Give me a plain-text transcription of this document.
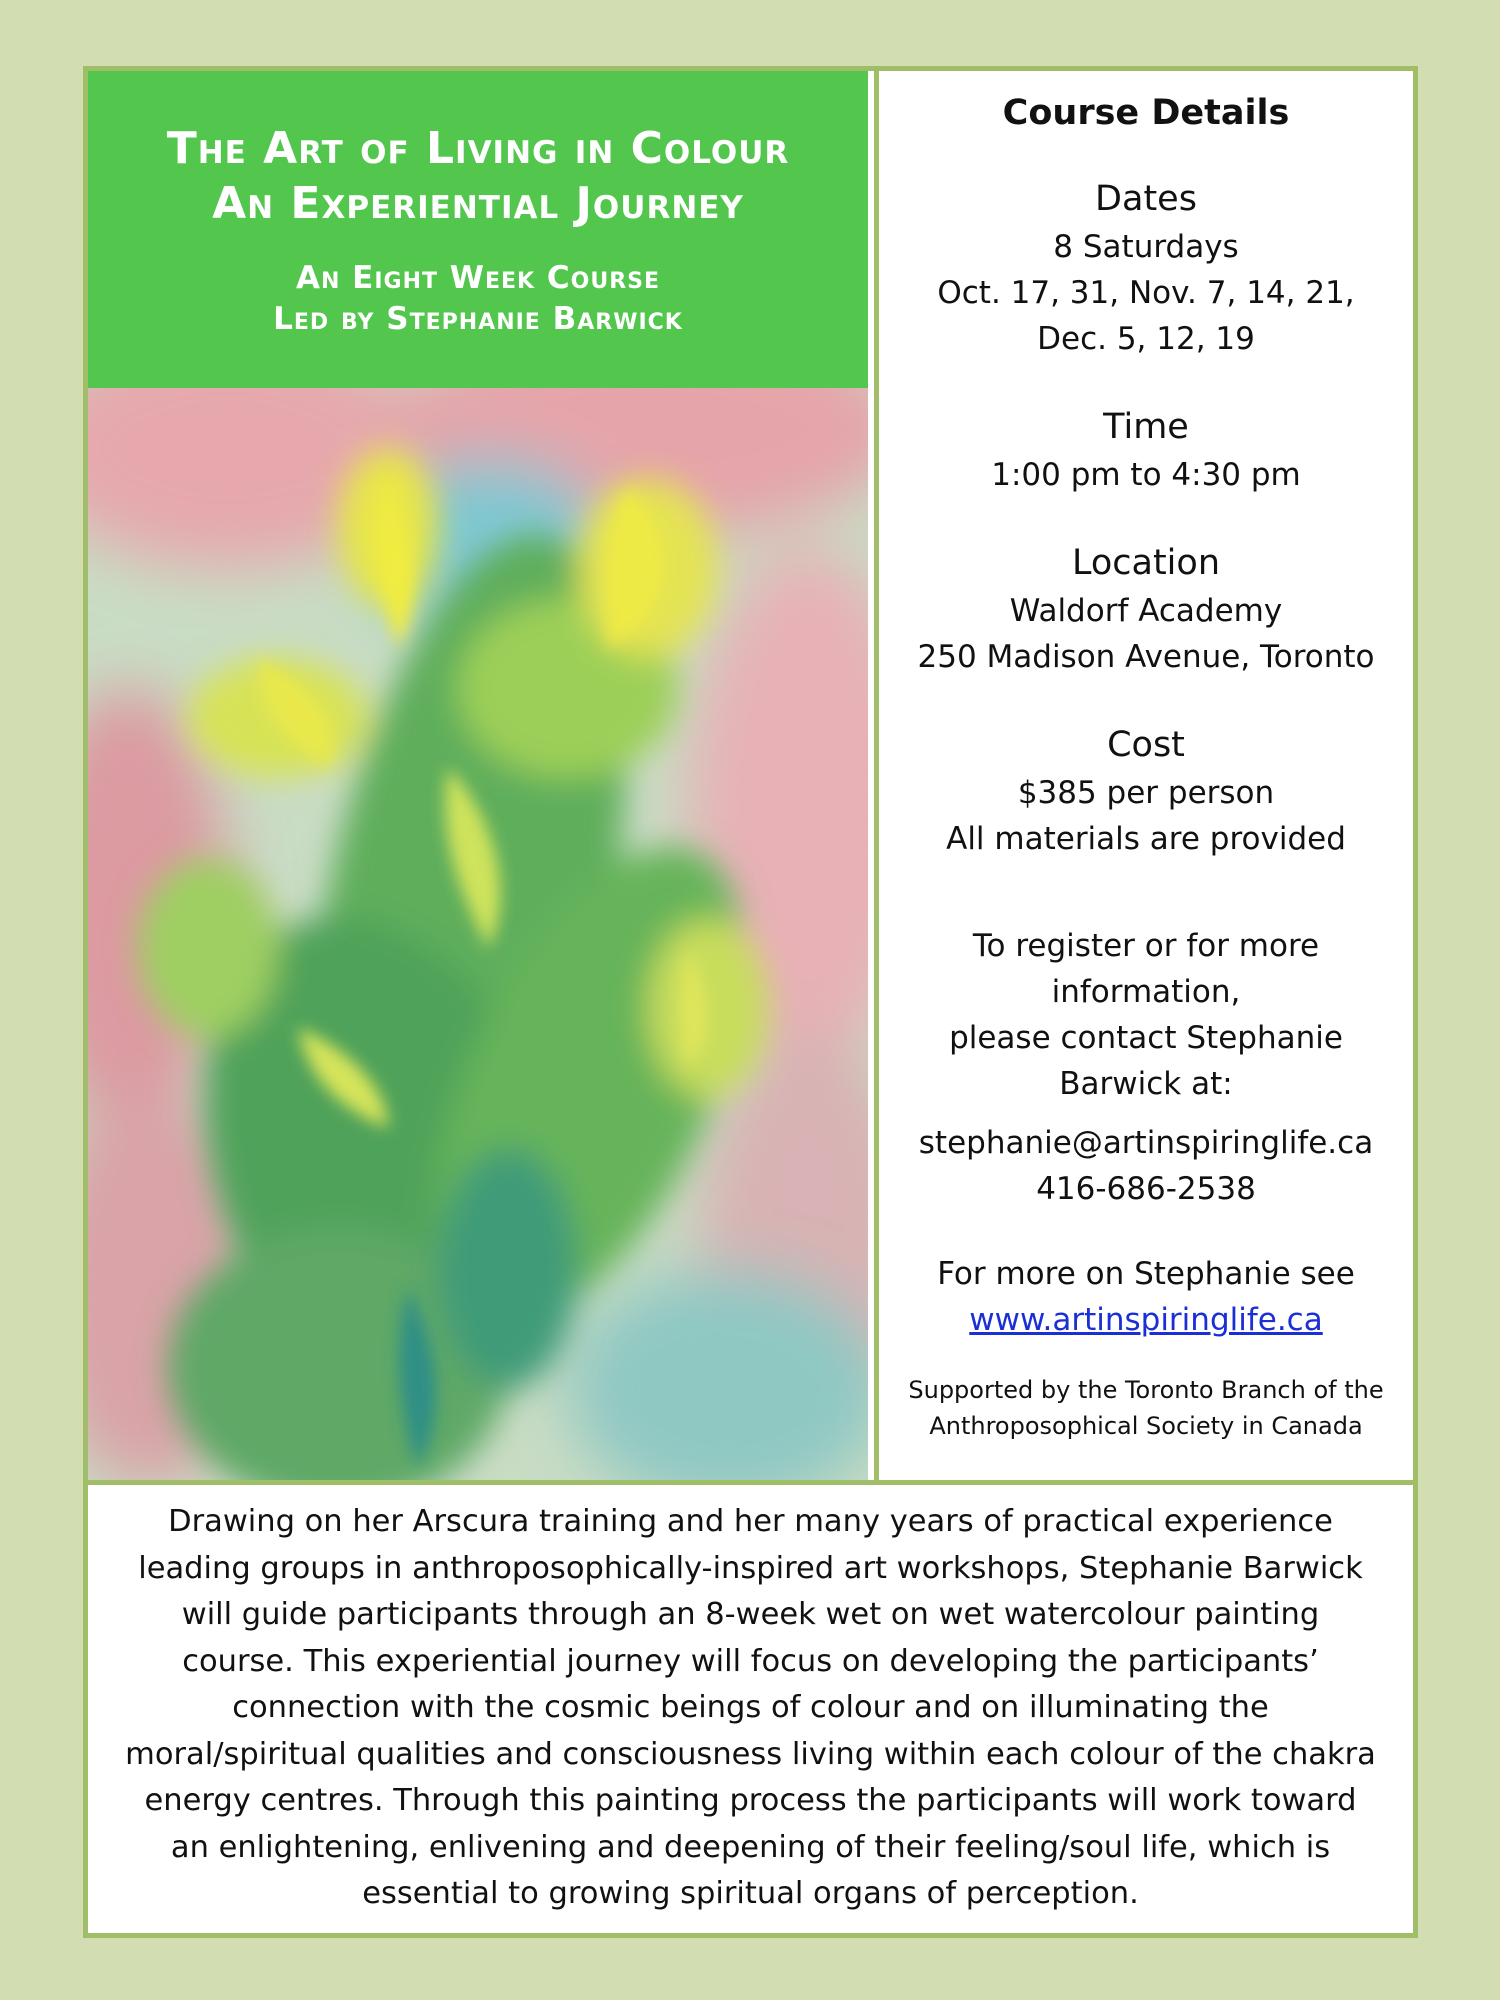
The Art of Living in Colour
An Experiential Journey
An Eight Week Course
Led by Stephanie Barwick
Course Details
Dates
8 Saturdays
Oct. 17, 31, Nov. 7, 14, 21,
Dec. 5, 12, 19
Time
1:00 pm to 4:30 pm
Location
Waldorf Academy
250 Madison Avenue, Toronto
Cost
$385 per person
All materials are provided
To register or for more
information,
please contact Stephanie
Barwick at:
stephanie@artinspiringlife.ca
416-686-2538
For more on Stephanie see
www.artinspiringlife.ca
Supported by the Toronto Branch of the
Anthroposophical Society in Canada
Drawing on her Arscura training and her many years of practical experience
leading groups in anthroposophically-inspired art workshops, Stephanie Barwick
will guide participants through an 8-week wet on wet watercolour painting
course. This experiential journey will focus on developing the participants’
connection with the cosmic beings of colour and on illuminating the
moral/spiritual qualities and consciousness living within each colour of the chakra
energy centres. Through this painting process the participants will work toward
an enlightening, enlivening and deepening of their feeling/soul life, which is
essential to growing spiritual organs of perception.
